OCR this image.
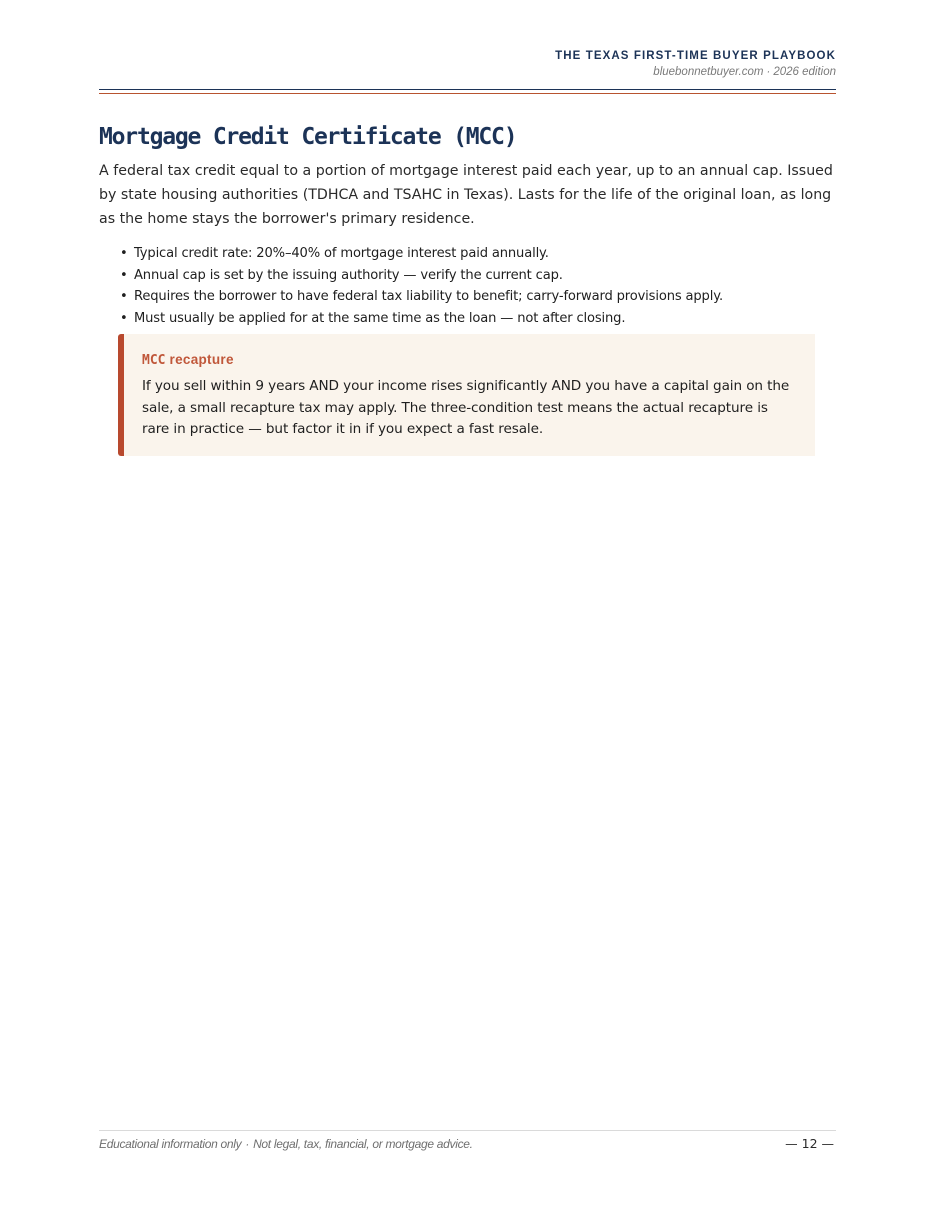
THE TEXAS FIRST-TIME BUYER PLAYBOOK
bluebonnetbuyer.com · 2026 edition
Mortgage Credit Certificate (MCC)

A federal tax credit equal to a portion of mortgage interest paid each year, up to an annual cap. Issued by state housing authorities (TDHCA and TSAHC in Texas). Lasts for the life of the original loan, as long as the home stays the borrower's primary residence.

• Typical credit rate: 20%–40% of mortgage interest paid annually.
• Annual cap is set by the issuing authority — verify the current cap.
• Requires the borrower to have federal tax liability to benefit; carry-forward provisions apply.
• Must usually be applied for at the same time as the loan — not after closing.
MCC recapture
If you sell within 9 years AND your income rises significantly AND you have a capital gain on the sale, a small recapture tax may apply. The three-condition test means the actual recapture is rare in practice — but factor it in if you expect a fast resale.
Educational information only · Not legal, tax, financial, or mortgage advice.	— 12 —
